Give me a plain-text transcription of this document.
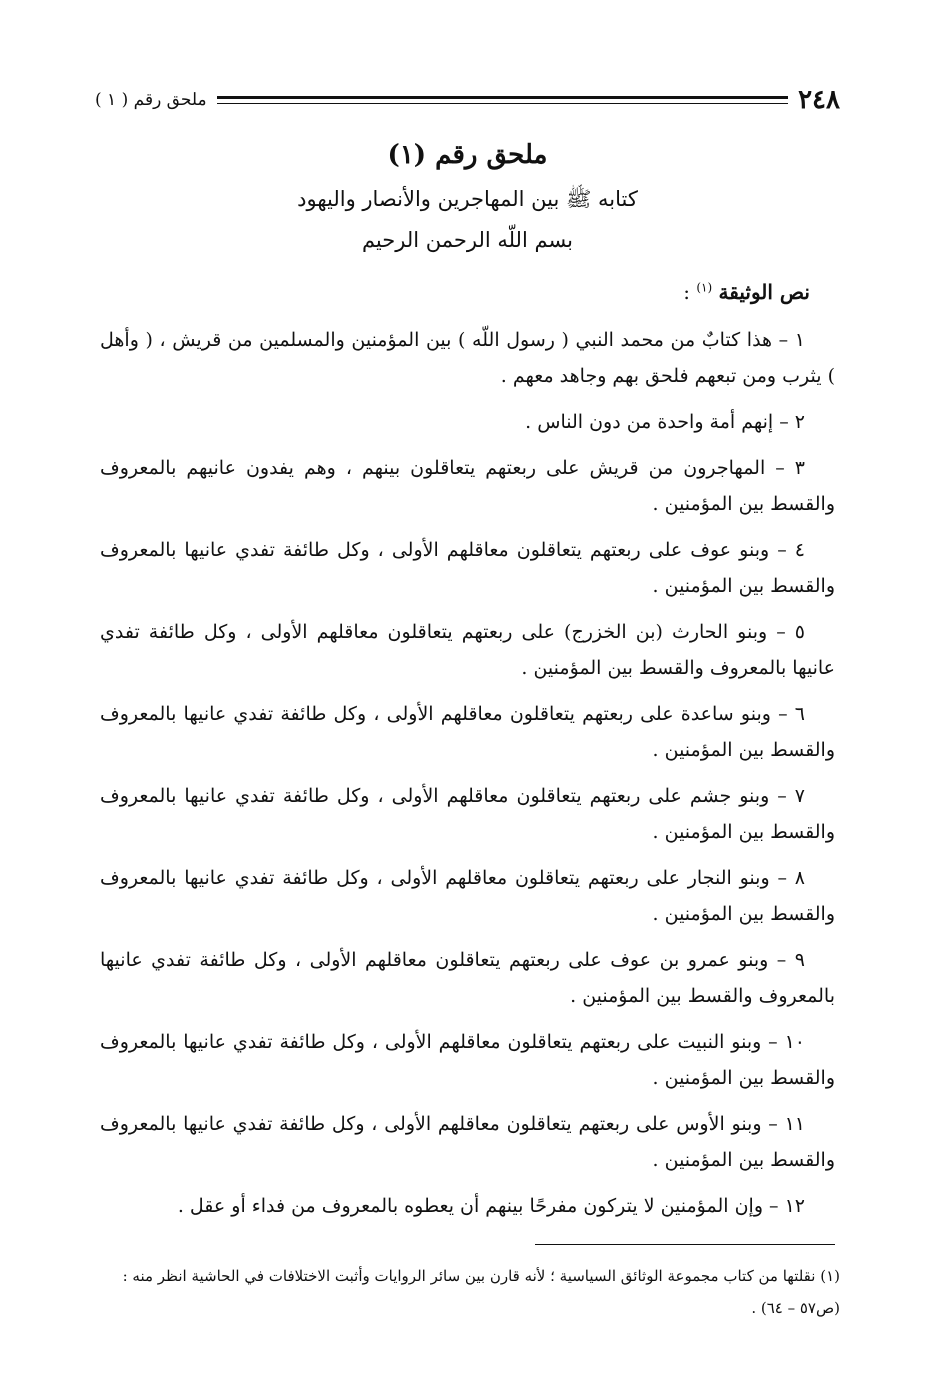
٢٤٨
ملحق رقم ( ١ )
ملحق رقم (١)
كتابه ﷺ بين المهاجرين والأنصار واليهود
بسم اللّه الرحمن الرحيم
نص الوثيقة $^{(١)}$ :

١ – هذا كتابٌ من محمد النبي ( رسول اللّه ) بين المؤمنين والمسلمين من قريش ، ( وأهل ) يثرب ومن تبعهم فلحق بهم وجاهد معهم .

٢ – إنهم أمة واحدة من دون الناس .

٣ – المهاجرون من قريش على ربعتهم يتعاقلون بينهم ، وهم يفدون عانيهم بالمعروف والقسط بين المؤمنين .

٤ – وبنو عوف على ربعتهم يتعاقلون معاقلهم الأولى ، وكل طائفة تفدي عانيها بالمعروف والقسط بين المؤمنين .

٥ – وبنو الحارث (بن الخزرج) على ربعتهم يتعاقلون معاقلهم الأولى ، وكل طائفة تفدي عانيها بالمعروف والقسط بين المؤمنين .

٦ – وبنو ساعدة على ربعتهم يتعاقلون معاقلهم الأولى ، وكل طائفة تفدي عانيها بالمعروف والقسط بين المؤمنين .

٧ – وبنو جشم على ربعتهم يتعاقلون معاقلهم الأولى ، وكل طائفة تفدي عانيها بالمعروف والقسط بين المؤمنين .

٨ – وبنو النجار على ربعتهم يتعاقلون معاقلهم الأولى ، وكل طائفة تفدي عانيها بالمعروف والقسط بين المؤمنين .

٩ – وبنو عمرو بن عوف على ربعتهم يتعاقلون معاقلهم الأولى ، وكل طائفة تفدي عانيها بالمعروف والقسط بين المؤمنين .

١٠ – وبنو النبيت على ربعتهم يتعاقلون معاقلهم الأولى ، وكل طائفة تفدي عانيها بالمعروف والقسط بين المؤمنين .

١١ – وبنو الأوس على ربعتهم يتعاقلون معاقلهم الأولى ، وكل طائفة تفدي عانيها بالمعروف والقسط بين المؤمنين .

١٢ – وإن المؤمنين لا يتركون مفرحًا بينهم أن يعطوه بالمعروف من فداء أو عقل .

(١) نقلتها من كتاب مجموعة الوثائق السياسية ؛ لأنه قارن بين سائر الروايات وأثبت الاختلافات في الحاشية انظر منه : (ص٥٧ – ٦٤) .
